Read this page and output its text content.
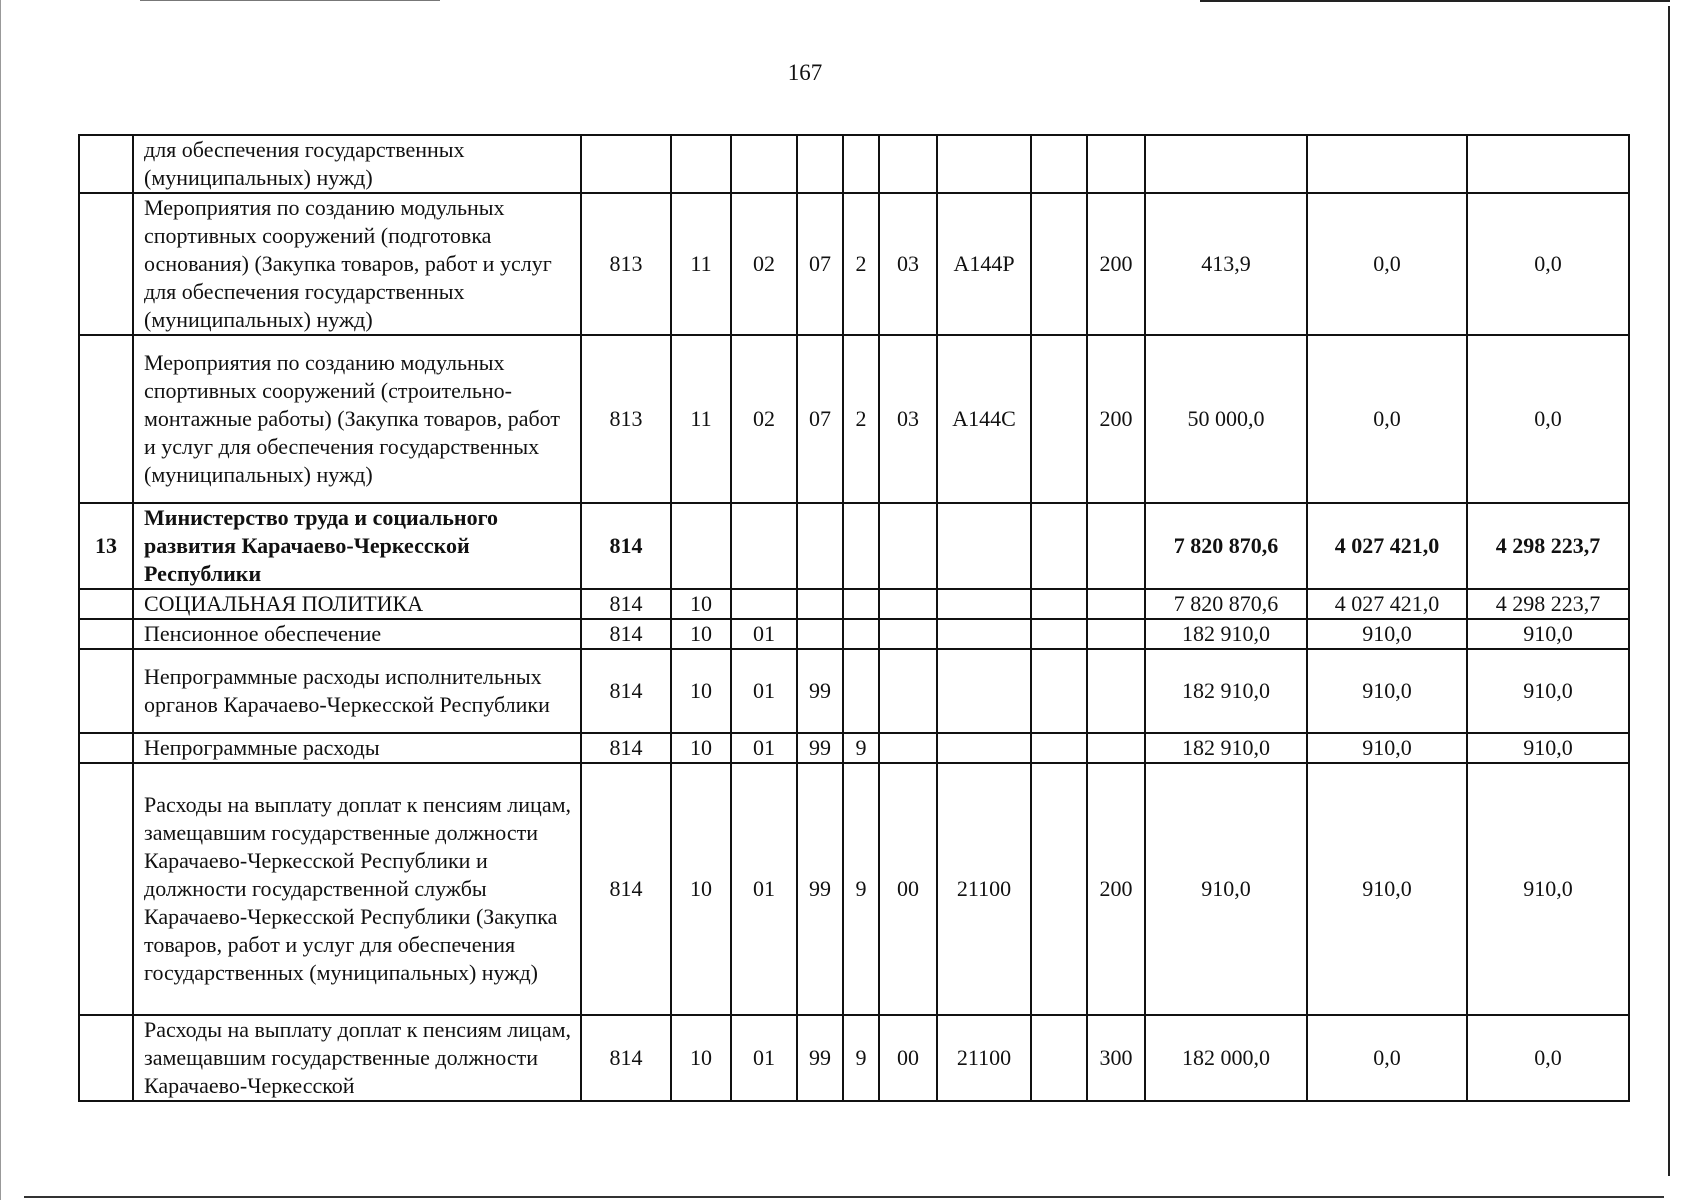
167
	для обеспечения государственных (муниципальных) нужд)												
	Мероприятия по созданию модульных спортивных сооружений (подготовка основания) (Закупка товаров, работ и услуг для обеспечения государственных (муниципальных) нужд)	813	11	02	07	2	03	А144Р		200	413,9	0,0	0,0
	Мероприятия по созданию модульных спортивных сооружений (строительно-монтажные работы) (Закупка товаров, работ и услуг для обеспечения государственных (муниципальных) нужд)	813	11	02	07	2	03	А144С		200	50 000,0	0,0	0,0
13	Министерство труда и социального развития Карачаево-Черкесской Республики	814									7 820 870,6	4 027 421,0	4 298 223,7
	СОЦИАЛЬНАЯ ПОЛИТИКА	814	10								7 820 870,6	4 027 421,0	4 298 223,7
	Пенсионное обеспечение	814	10	01							182 910,0	910,0	910,0
	Непрограммные расходы исполнительных органов Карачаево-Черкесской Республики	814	10	01	99						182 910,0	910,0	910,0
	Непрограммные расходы	814	10	01	99	9					182 910,0	910,0	910,0
	Расходы на выплату доплат к пенсиям лицам, замещавшим государственные должности Карачаево-Черкесской Республики и должности государственной службы Карачаево-Черкесской Республики (Закупка товаров, работ и услуг для обеспечения государственных (муниципальных) нужд)	814	10	01	99	9	00	21100		200	910,0	910,0	910,0
	Расходы на выплату доплат к пенсиям лицам, замещавшим государственные должности Карачаево-Черкесской	814	10	01	99	9	00	21100		300	182 000,0	0,0	0,0
